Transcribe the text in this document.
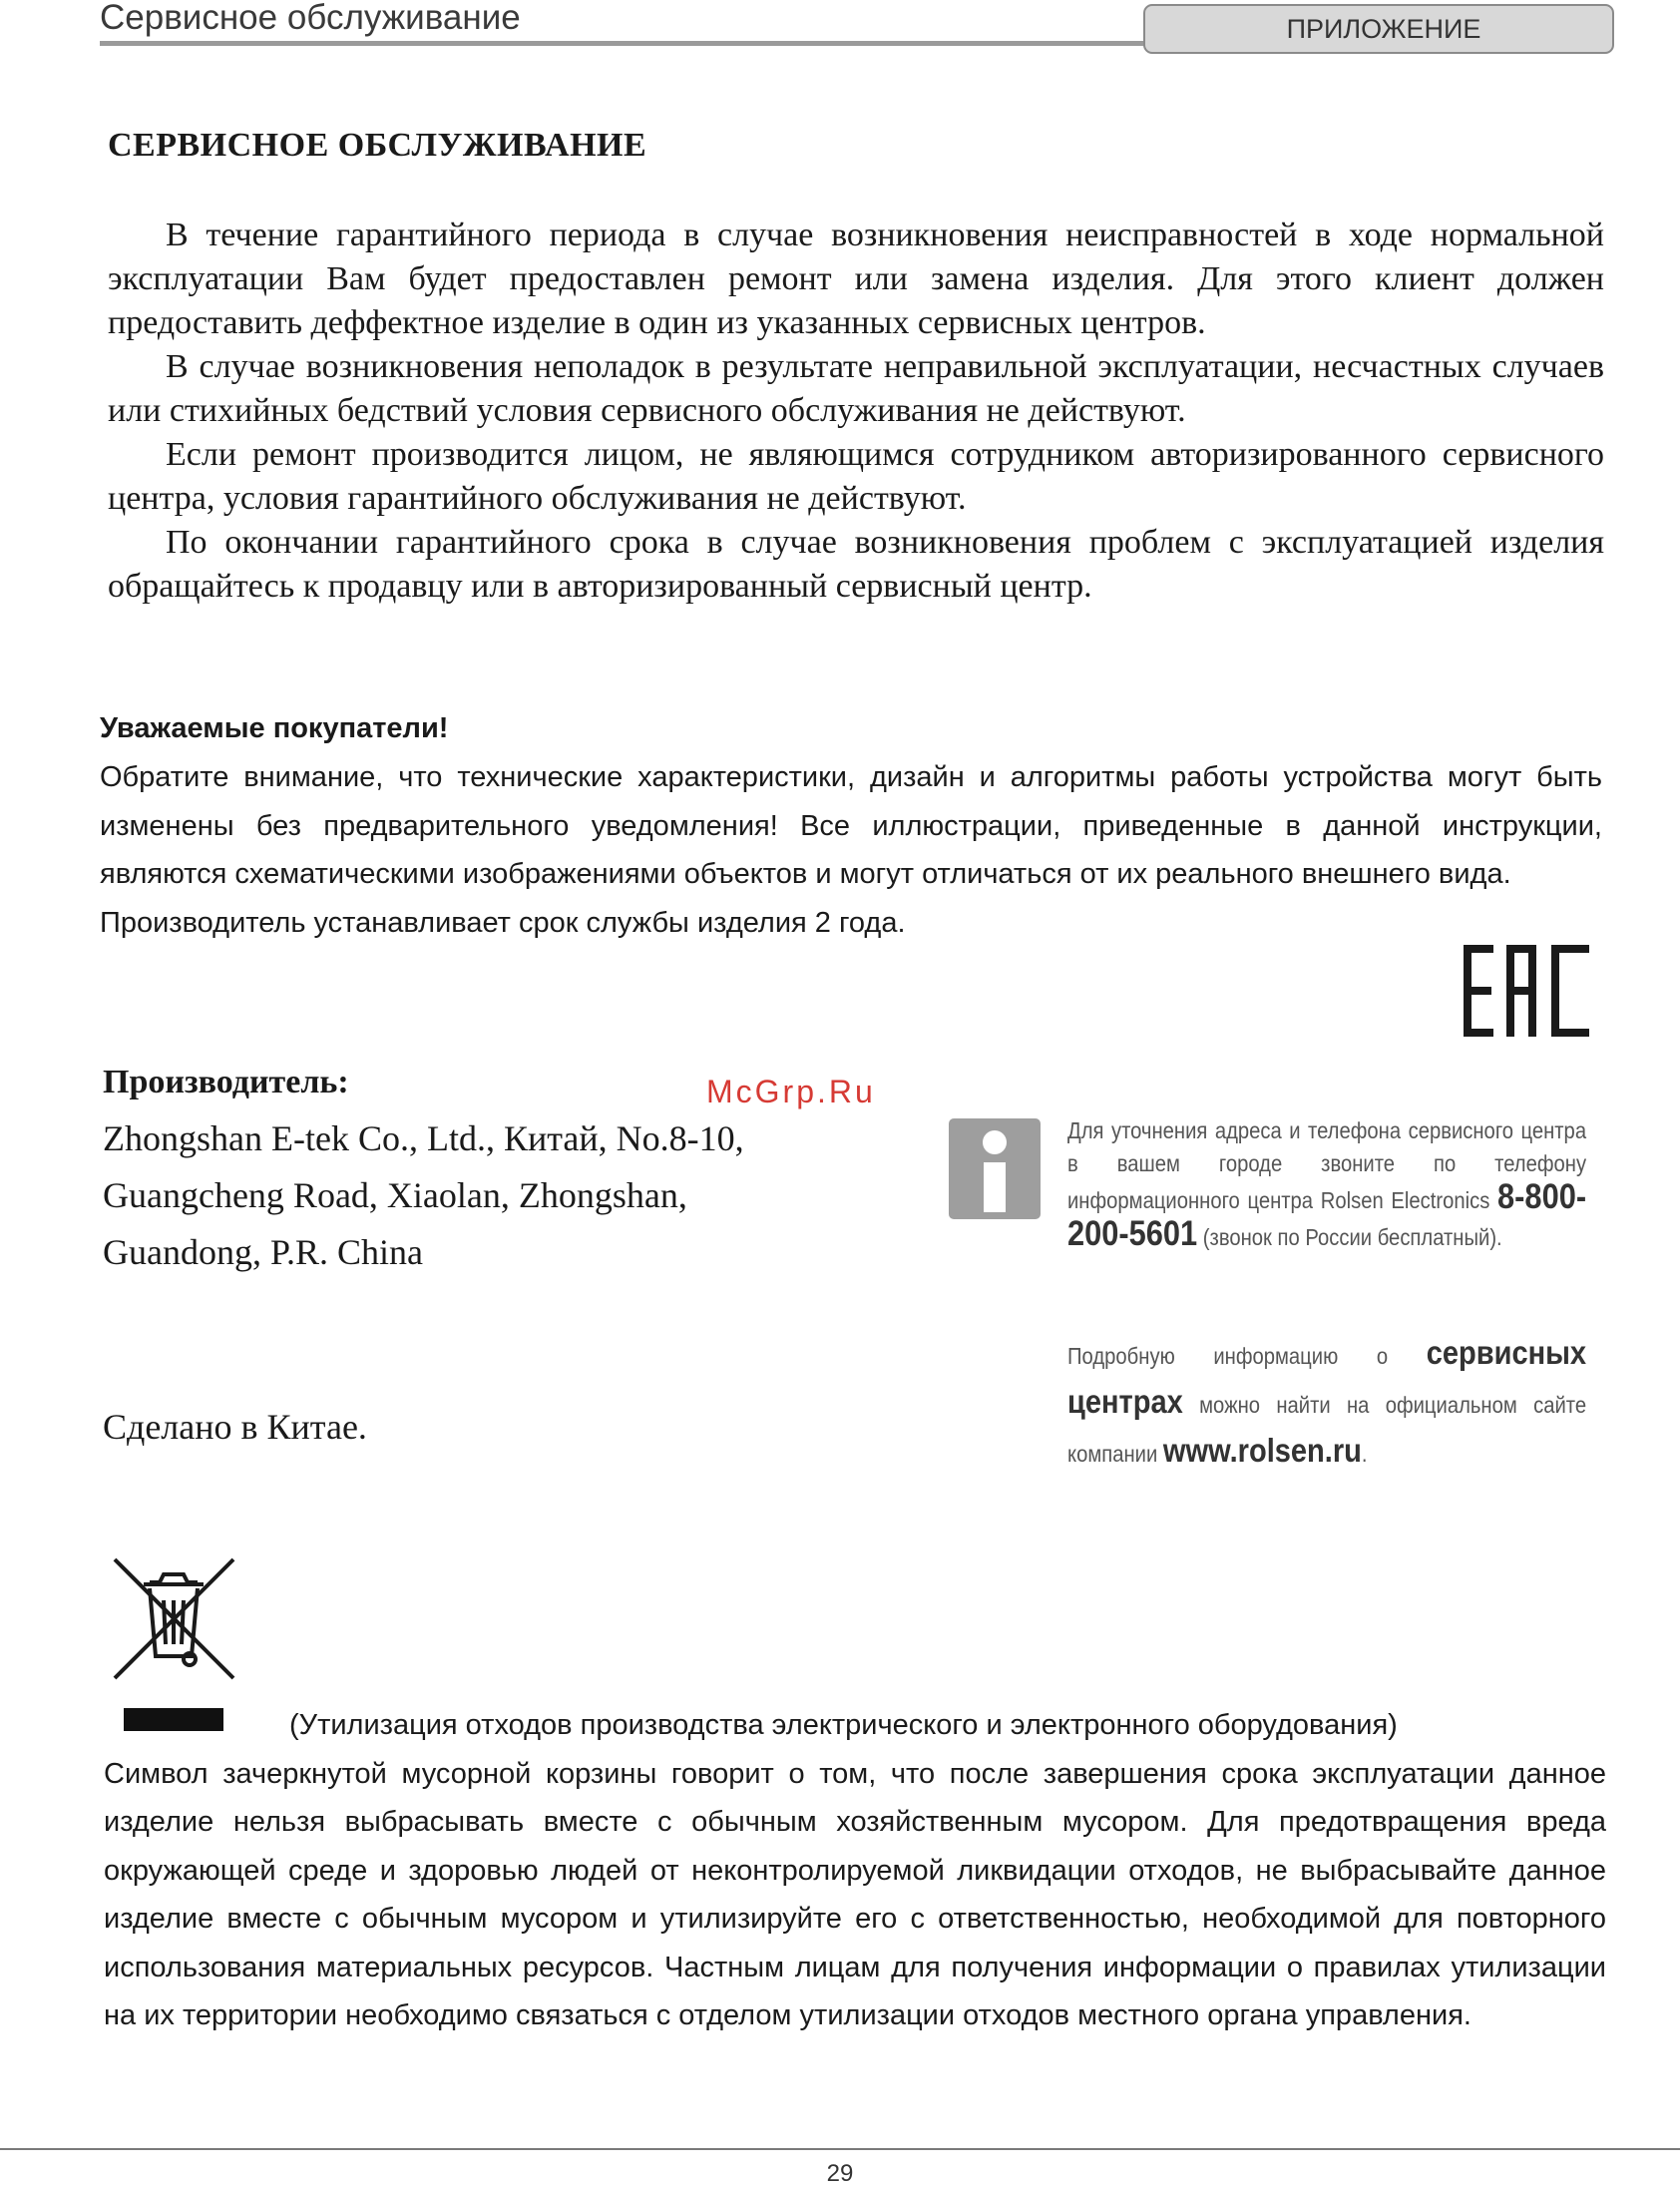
Сервисное обслуживание	ПРИЛОЖЕНИЕ
СЕРВИСНОЕ ОБСЛУЖИВАНИЕ

В течение гарантийного периода в случае возникновения неисправностей в ходе нормальной эксплуатации Вам будет предоставлен ремонт или замена изделия. Для этого клиент должен предоставить деффектное изделие в один из указанных сервисных центров.

В случае возникновения неполадок в результате неправильной эксплуатации, несчастных случаев или стихийных бедствий условия сервисного обслуживания не действуют.

Если ремонт производится лицом, не являющимся сотрудником авторизированного сервисного центра, условия гарантийного обслуживания не действуют.

По окончании гарантийного срока в случае возникновения проблем с эксплуатацией изделия обращайтесь к продавцу или в авторизированный сервисный центр.

Уважаемые покупатели!

Обратите внимание, что технические характеристики, дизайн и алгоритмы работы устройства могут быть изменены без предварительного уведомления! Все иллюстрации, приведенные в данной инструкции, являются схематическими изображениями объектов и могут отличаться от их реального внешнего вида.

Производитель устанавливает срок службы изделия 2 года.

Производитель:
Zhongshan E-tek Co., Ltd., Китай, No.8-10,
Guangcheng Road, Xiaolan, Zhongshan,
Guandong, P.R. China
Сделано в Китае.
McGrp.Ru

Для уточнения адреса и телефона сервисного центра в вашем городе звоните по телефону информационного центра Rolsen Electronics 8-800-200-5601 (звонок по России бесплатный).

Подробную информацию о сервисных центрах можно найти на официальном сайте компании www.rolsen.ru.

(Утилизация отходов производства электрического и электронного оборудования)

Символ зачеркнутой мусорной корзины говорит о том, что после завершения срока эксплуатации данное изделие нельзя выбрасывать вместе с обычным хозяйственным мусором. Для предотвращения вреда окружающей среде и здоровью людей от неконтролируемой ликвидации отходов, не выбрасывайте данное изделие вместе с обычным мусором и утилизируйте его с ответственностью, необходимой для повторного использования материальных ресурсов. Частным лицам для получения информации о правилах утилизации на их территории необходимо связаться с отделом утилизации отходов местного органа управления.

29
